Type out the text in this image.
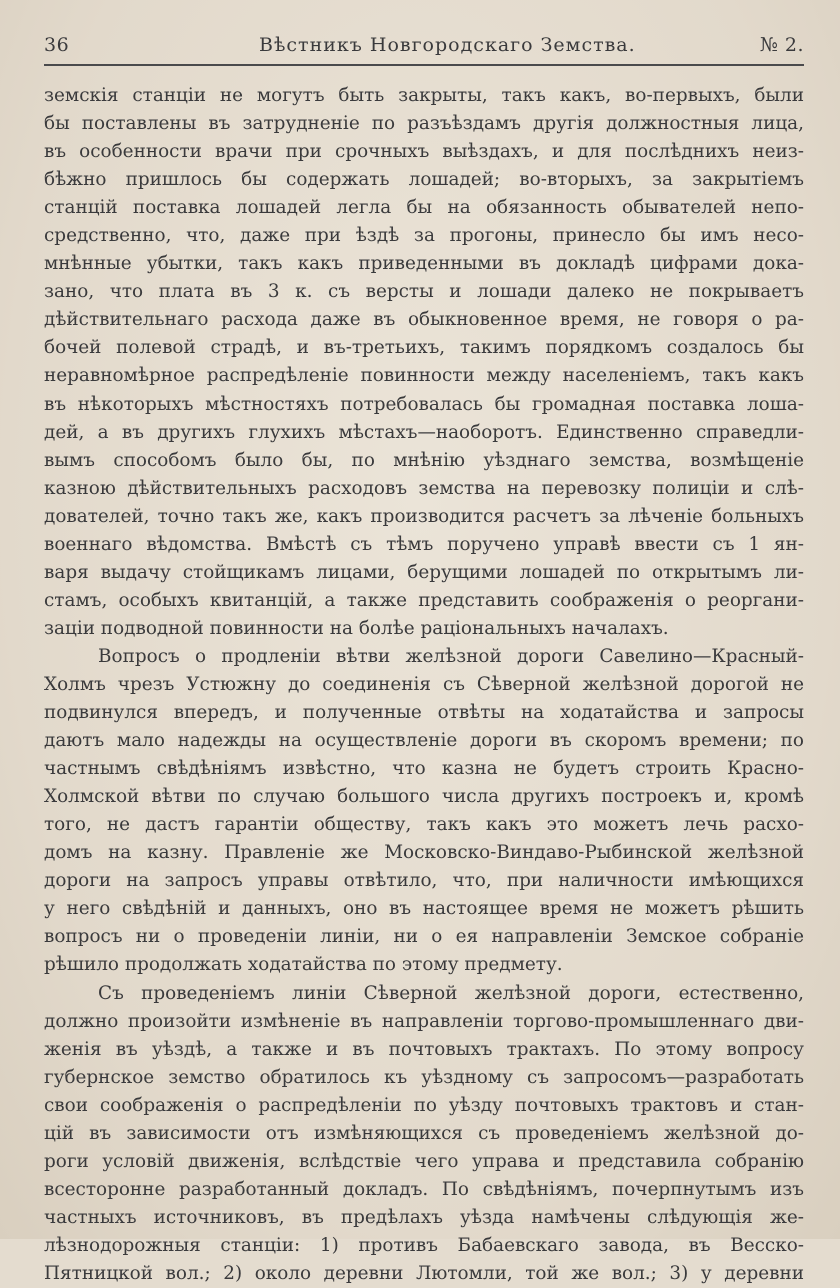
36	Вѣстникъ Новгородскаго Земства.	№ 2.
земскія станціи не могутъ быть закрыты, такъ какъ, во-первыхъ, были
бы поставлены въ затрудненіе по разъѣздамъ другія должностныя лица,
въ особенности врачи при срочныхъ выѣздахъ, и для послѣднихъ неиз-
бѣжно пришлось бы содержать лошадей; во-вторыхъ, за закрытіемъ
станцій поставка лошадей легла бы на обязанность обывателей непо-
средственно, что, даже при ѣздѣ за прогоны, принесло бы имъ несо-
мнѣнные убытки, такъ какъ приведенными въ докладѣ цифрами дока-
зано, что плата въ 3 к. съ версты и лошади далеко не покрываетъ
дѣйствительнаго расхода даже въ обыкновенное время, не говоря о ра-
бочей полевой страдѣ, и въ-третьихъ, такимъ порядкомъ создалось бы
неравномѣрное распредѣленіе повинности между населеніемъ, такъ какъ
въ нѣкоторыхъ мѣстностяхъ потребовалась бы громадная поставка лоша-
дей, а въ другихъ глухихъ мѣстахъ—наоборотъ. Единственно справедли-
вымъ способомъ было бы, по мнѣнію уѣзднаго земства, возмѣщеніе
казною дѣйствительныхъ расходовъ земства на перевозку полиціи и слѣ-
дователей, точно такъ же, какъ производится расчетъ за лѣченіе больныхъ
военнаго вѣдомства. Вмѣстѣ съ тѣмъ поручено управѣ ввести съ 1 ян-
варя выдачу стойщикамъ лицами, берущими лошадей по открытымъ ли-
стамъ, особыхъ квитанцій, а также представить соображенія о реоргани-
заціи подводной повинности на болѣе раціональныхъ началахъ.
Вопросъ о продленіи вѣтви желѣзной дороги Савелино—Красный-
Холмъ чрезъ Устюжну до соединенія съ Сѣверной желѣзной дорогой не
подвинулся впередъ, и полученные отвѣты на ходатайства и запросы
даютъ мало надежды на осуществленіе дороги въ скоромъ времени; по
частнымъ свѣдѣніямъ извѣстно, что казна не будетъ строить Красно-
Холмской вѣтви по случаю большого числа другихъ построекъ и, кромѣ
того, не дастъ гарантіи обществу, такъ какъ это можетъ лечь расхо-
домъ на казну. Правленіе же Московско-Виндаво-Рыбинской желѣзной
дороги на запросъ управы отвѣтило, что, при наличности имѣющихся
у него свѣдѣній и данныхъ, оно въ настоящее время не можетъ рѣшить
вопросъ ни о проведеніи линіи, ни о ея направленіи Земское собраніе
рѣшило продолжать ходатайства по этому предмету.
Съ проведеніемъ линіи Сѣверной желѣзной дороги, естественно,
должно произойти измѣненіе въ направленіи торгово-промышленнаго дви-
женія въ уѣздѣ, а также и въ почтовыхъ трактахъ. По этому вопросу
губернское земство обратилось къ уѣздному съ запросомъ—разработать
свои соображенія о распредѣленіи по уѣзду почтовыхъ трактовъ и стан-
цій въ зависимости отъ измѣняющихся съ проведеніемъ желѣзной до-
роги условій движенія, вслѣдствіе чего управа и представила собранію
всесторонне разработанный докладъ. По свѣдѣніямъ, почерпнутымъ изъ
частныхъ источниковъ, въ предѣлахъ уѣзда намѣчены слѣдующія же-
лѣзнодорожныя станціи: 1) противъ Бабаевскаго завода, въ Весско-
Пятницкой вол.; 2) около деревни Лютомли, той же вол.; 3) у деревни
